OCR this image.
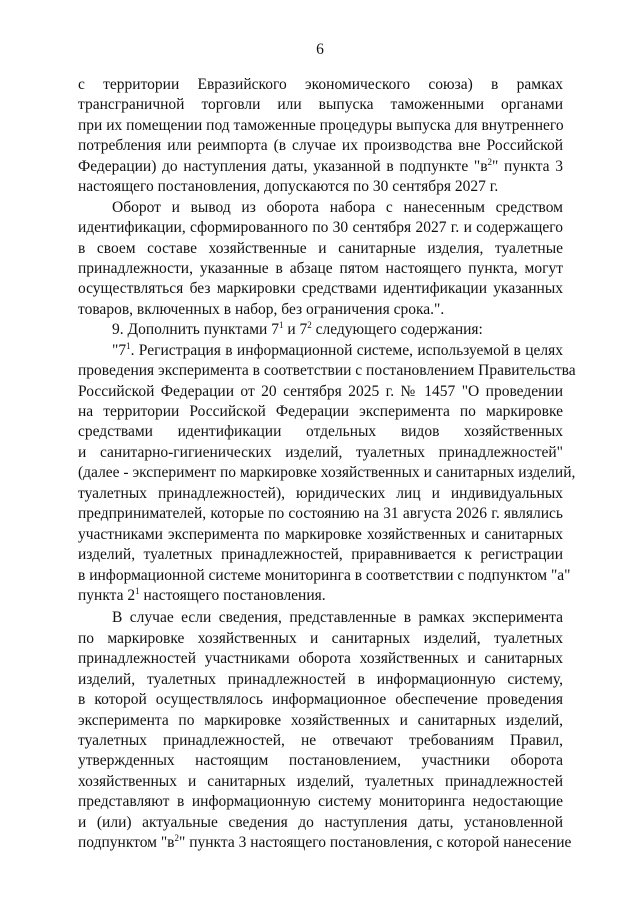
6
с территории Евразийского экономического союза) в рамках
трансграничной торговли или выпуска таможенными органами
при их помещении под таможенные процедуры выпуска для внутреннего
потребления или реимпорта (в случае их производства вне Российской
Федерации) до наступления даты, указанной в подпункте "$в^2$" пункта 3
настоящего постановления, допускаются по 30 сентября 2027 г.
Оборот и вывод из оборота набора с нанесенным средством
идентификации, сформированного по 30 сентября 2027 г. и содержащего
в своем составе хозяйственные и санитарные изделия, туалетные
принадлежности, указанные в абзаце пятом настоящего пункта, могут
осуществляться без маркировки средствами идентификации указанных
товаров, включенных в набор, без ограничения срока.".
9. Дополнить пунктами $7^1$ и $7^2$ следующего содержания:
"$7^1$. Регистрация в информационной системе, используемой в целях
проведения эксперимента в соответствии с постановлением Правительства
Российской Федерации от 20 сентября 2025 г. № 1457 "О проведении
на территории Российской Федерации эксперимента по маркировке
средствами идентификации отдельных видов хозяйственных
и санитарно-гигиенических изделий, туалетных принадлежностей"
(далее - эксперимент по маркировке хозяйственных и санитарных изделий,
туалетных принадлежностей), юридических лиц и индивидуальных
предпринимателей, которые по состоянию на 31 августа 2026 г. являлись
участниками эксперимента по маркировке хозяйственных и санитарных
изделий, туалетных принадлежностей, приравнивается к регистрации
в информационной системе мониторинга в соответствии с подпунктом "а"
пункта $2^1$ настоящего постановления.
В случае если сведения, представленные в рамках эксперимента
по маркировке хозяйственных и санитарных изделий, туалетных
принадлежностей участниками оборота хозяйственных и санитарных
изделий, туалетных принадлежностей в информационную систему,
в которой осуществлялось информационное обеспечение проведения
эксперимента по маркировке хозяйственных и санитарных изделий,
туалетных принадлежностей, не отвечают требованиям Правил,
утвержденных настоящим постановлением, участники оборота
хозяйственных и санитарных изделий, туалетных принадлежностей
представляют в информационную систему мониторинга недостающие
и (или) актуальные сведения до наступления даты, установленной
подпунктом "$в^2$" пункта 3 настоящего постановления, с которой нанесение
